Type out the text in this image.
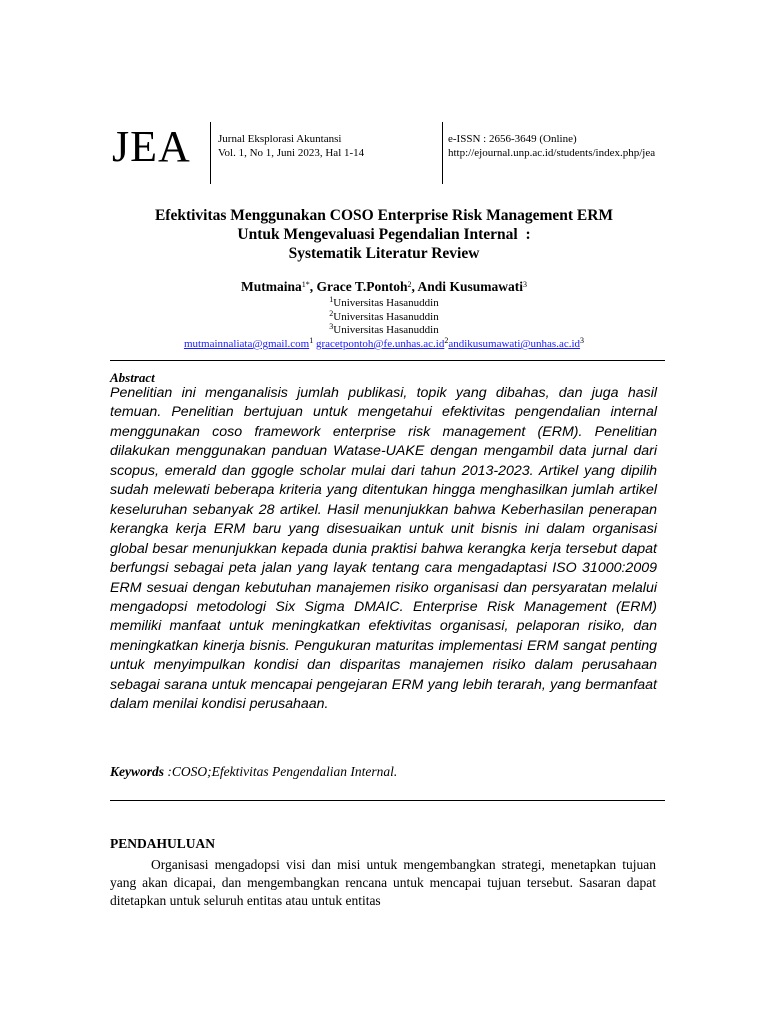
JEA Jurnal Eksplorasi Akuntansi
Vol. 1, No 1, Juni 2023, Hal 1-14
e-ISSN : 2656-3649 (Online)
http://ejournal.unp.ac.id/students/index.php/jea
Efektivitas Menggunakan COSO Enterprise Risk Management ERM
Untuk Mengevaluasi Pegendalian Internal  :
Systematik Literatur Review
Mutmaina$^{1*}$, Grace T.Pontoh$^2$, Andi Kusumawati$^3$
$^1$Universitas Hasanuddin
$^2$Universitas Hasanuddin
$^3$Universitas Hasanuddin
mutmainnaliata@gmail.com$^1$ $gracetpontoh@fe.unhas.ac.id^2andikusumawati@unhas.ac.id^3$
Abstract
Penelitian ini menganalisis jumlah publikasi, topik yang dibahas, dan juga hasil temuan. Penelitian bertujuan untuk mengetahui efektivitas pengendalian internal menggunakan coso framework enterprise risk management (ERM). Penelitian dilakukan menggunakan panduan Watase-UAKE dengan mengambil data jurnal dari scopus, emerald dan ggogle scholar mulai dari tahun 2013-2023. Artikel yang dipilih sudah melewati beberapa kriteria yang ditentukan hingga menghasilkan jumlah artikel keseluruhan sebanyak 28 artikel. Hasil menunjukkan bahwa Keberhasilan penerapan kerangka kerja ERM baru yang disesuaikan untuk unit bisnis ini dalam organisasi global besar menunjukkan kepada dunia praktisi bahwa kerangka kerja tersebut dapat berfungsi sebagai peta jalan yang layak tentang cara mengadaptasi ISO 31000:2009 ERM sesuai dengan kebutuhan manajemen risiko organisasi dan persyaratan melalui mengadopsi metodologi Six Sigma DMAIC. Enterprise Risk Management (ERM) memiliki manfaat untuk meningkatkan efektivitas organisasi, pelaporan risiko, dan meningkatkan kinerja bisnis. Pengukuran maturitas implementasi ERM sangat penting untuk menyimpulkan kondisi dan disparitas manajemen risiko dalam perusahaan sebagai sarana untuk mencapai pengejaran ERM yang lebih terarah, yang bermanfaat dalam menilai kondisi perusahaan.
Keywords :COSO;Efektivitas Pengendalian Internal.
PENDAHULUAN

Organisasi mengadopsi visi dan misi untuk mengembangkan strategi, menetapkan tujuan yang akan dicapai, dan mengembangkan rencana untuk mencapai tujuan tersebut. Sasaran dapat ditetapkan untuk seluruh entitas atau untuk entitas
